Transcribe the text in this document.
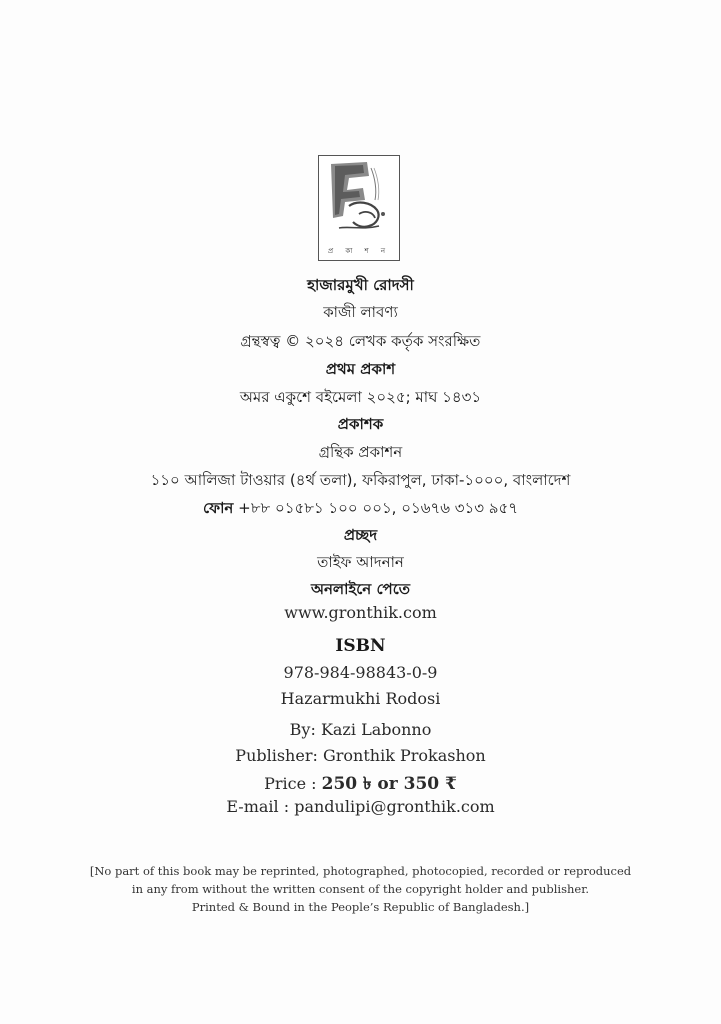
প্র কা শ ন
হাজারমুখী রোদসী
কাজী লাবণ্য
গ্রন্থস্বত্ব © ২০২৪ লেখক কর্তৃক সংরক্ষিত
প্রথম প্রকাশ
অমর একুশে বইমেলা ২০২৫; মাঘ ১৪৩১
প্রকাশক
গ্রন্থিক প্রকাশন
১১০ আলিজা টাওয়ার (৪র্থ তলা), ফকিরাপুল, ঢাকা-১০০০, বাংলাদেশ
ফোন +৮৮ ০১৫৮১ ১০০ ০০১, ০১৬৭৬ ৩১৩ ৯৫৭
প্রচ্ছদ
তাইফ আদনান
অনলাইনে পেতে
www.gronthik.com
ISBN
978-984-98843-0-9
Hazarmukhi Rodosi
By: Kazi Labonno
Publisher: Gronthik Prokashon
Price : 250 ৳ or 350 ₹
E-mail : pandulipi@gronthik.com
[No part of this book may be reprinted, photographed, photocopied, recorded or reproduced
in any from without the written consent of the copyright holder and publisher.
Printed & Bound in the People’s Republic of Bangladesh.]
